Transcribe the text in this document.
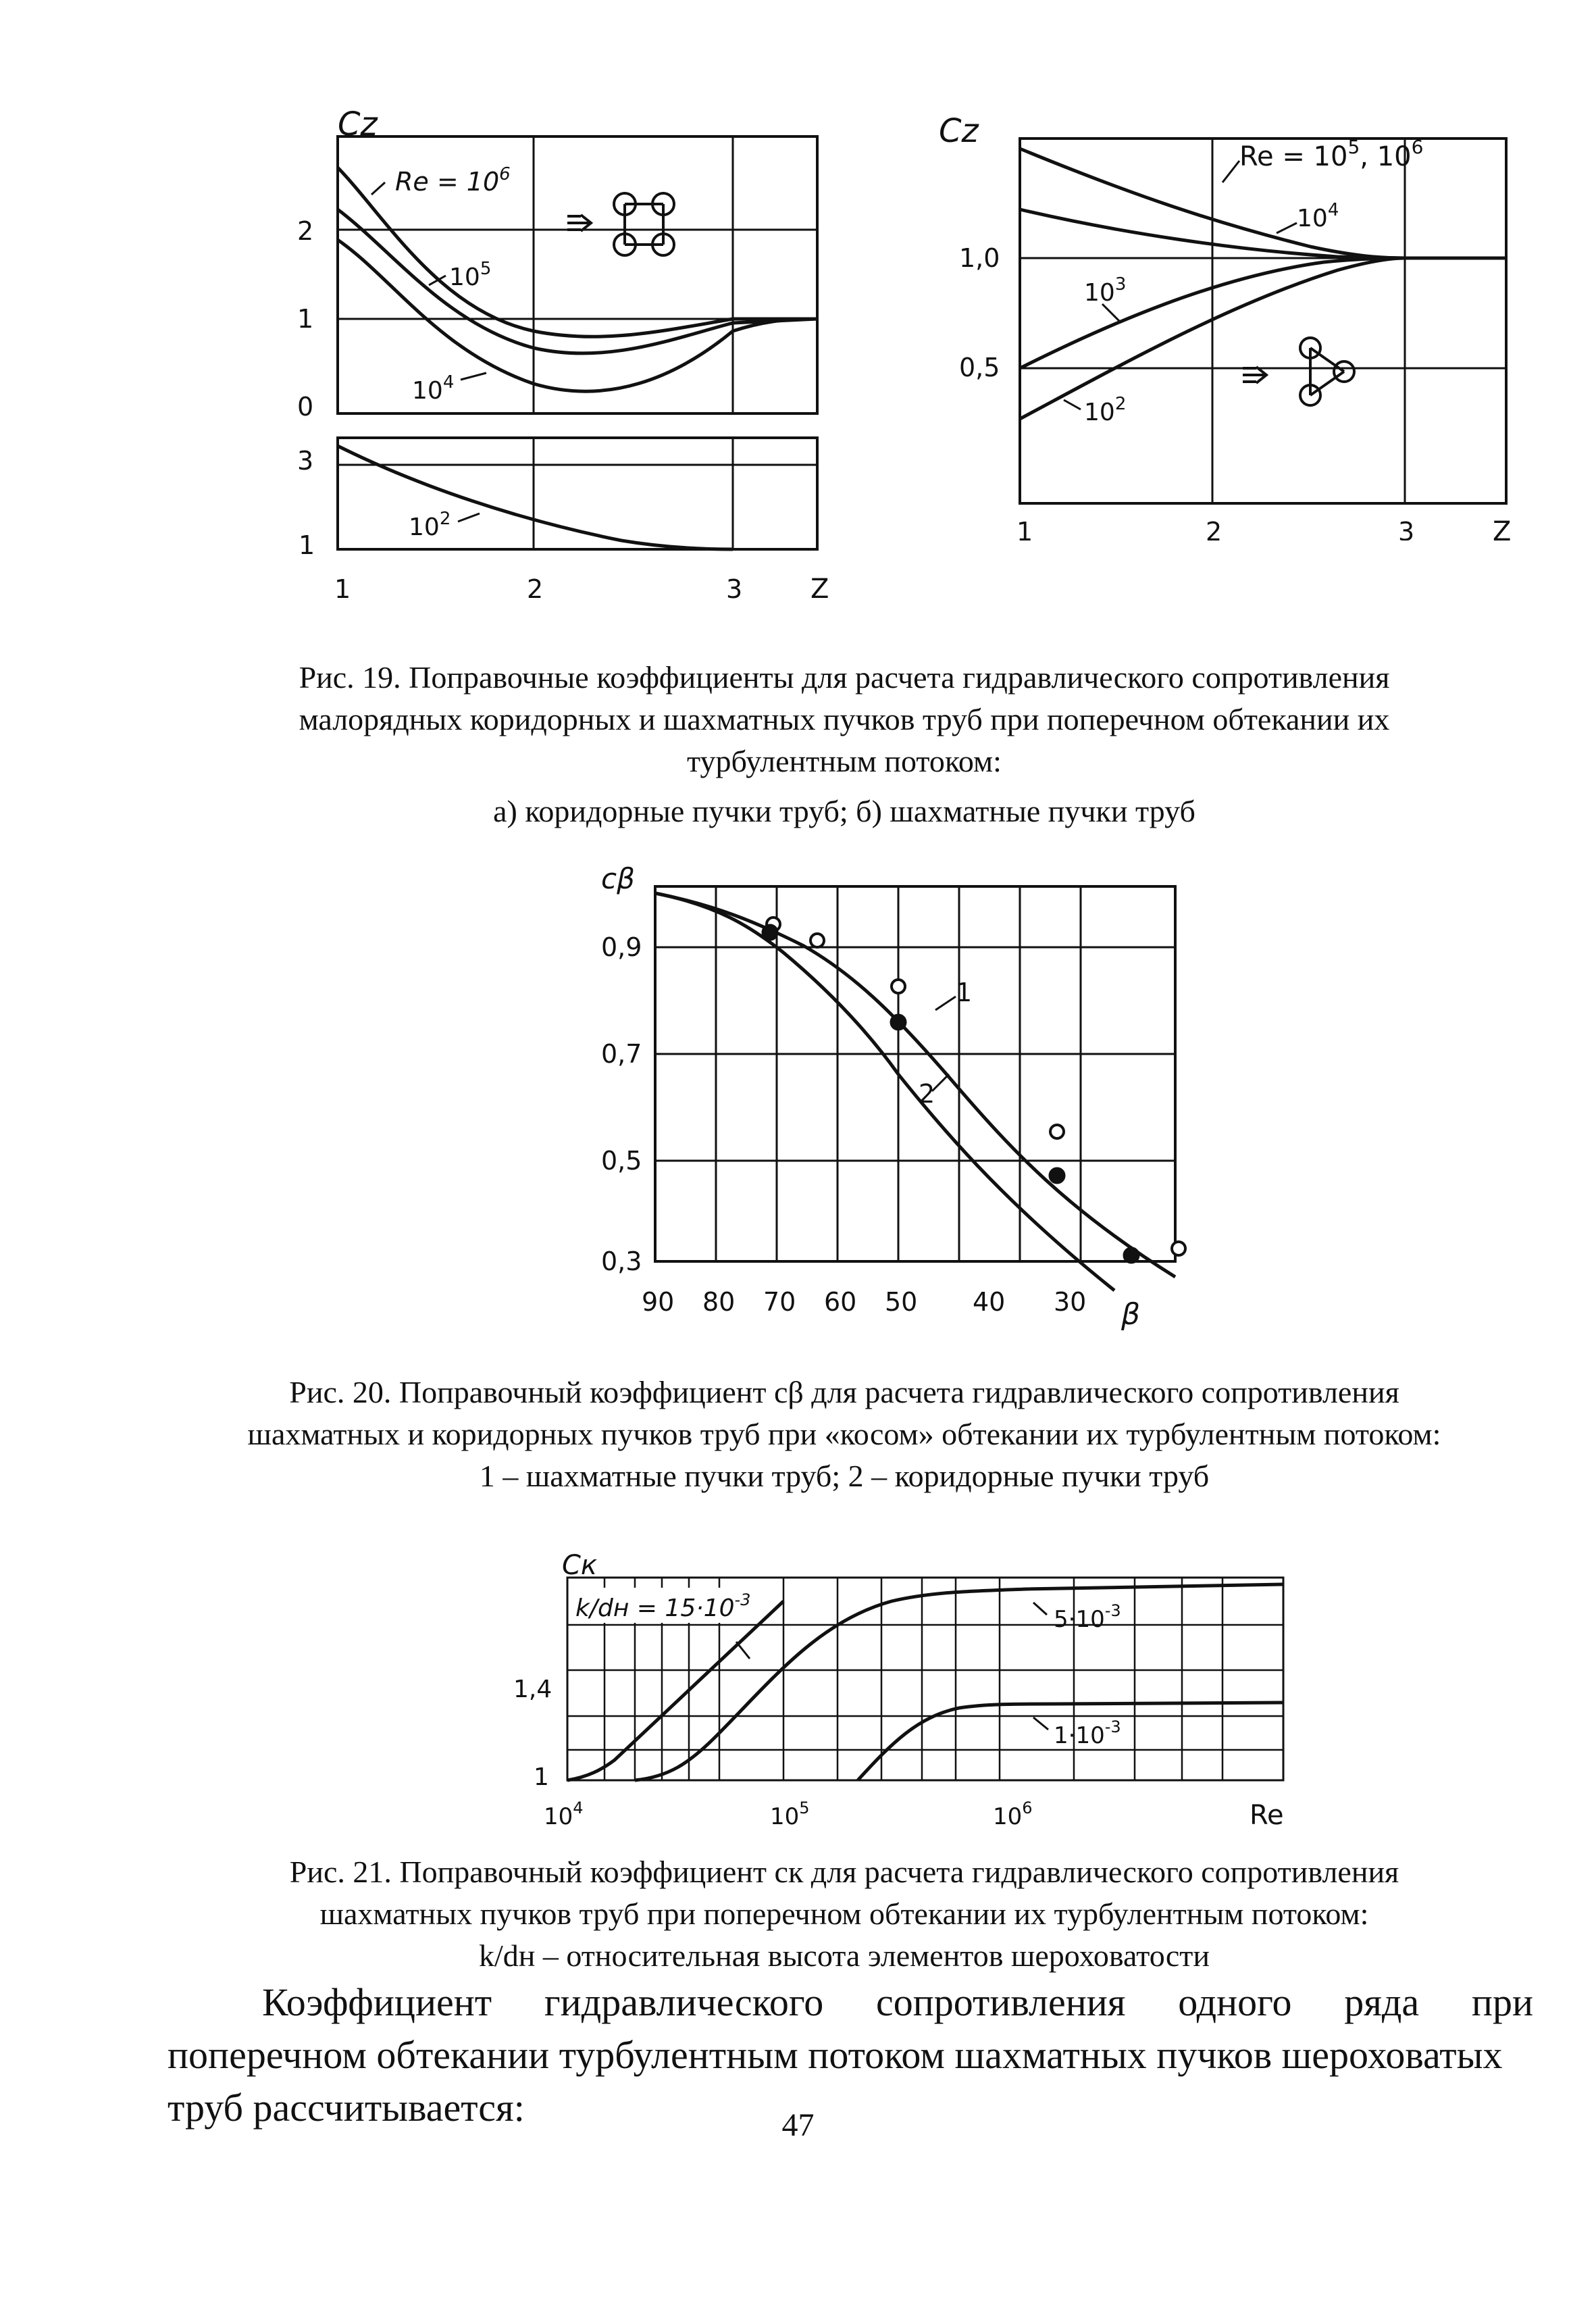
Cz
$Re = 10^6$
$10^5$
$10^4$
$10^2$
2
1
0
3
1
1	2	3	Z
Cz
$Re = 10^5$, $10^6$
$10^4$
$10^3$
$10^2$
1,0
0,5
1	2	3	Z
Рис. 19. Поправочные коэффициенты для расчета гидравлического сопротивления
малорядных коридорных и шахматных пучков труб при поперечном обтекании их
турбулентным потоком:
а) коридорные пучки труб; б) шахматные пучки труб
cβ
1
2
0,9
0,7
0,5
0,3
90 80 70 60 50 40 30 β
Рис. 20. Поправочный коэффициент cβ для расчета гидравлического сопротивления
шахматных и коридорных пучков труб при «косом» обтекании их турбулентным потоком:
1 – шахматные пучки труб; 2 – коридорные пучки труб
Cк
$k/dн = 15\cdot 10^{-3}$
$5\cdot 10^{-3}$
$1\cdot 10^{-3}$
1,4
1
$10^4$	$10^5$	$10^6$	Re
Рис. 21. Поправочный коэффициент cк для расчета гидравлического сопротивления
шахматных пучков труб при поперечном обтекании их турбулентным потоком:
k/dн – относительная высота элементов шероховатости
Коэффициент гидравлического сопротивления одного ряда при
поперечном обтекании турбулентным потоком шахматных пучков шероховатых
труб рассчитывается:	47
